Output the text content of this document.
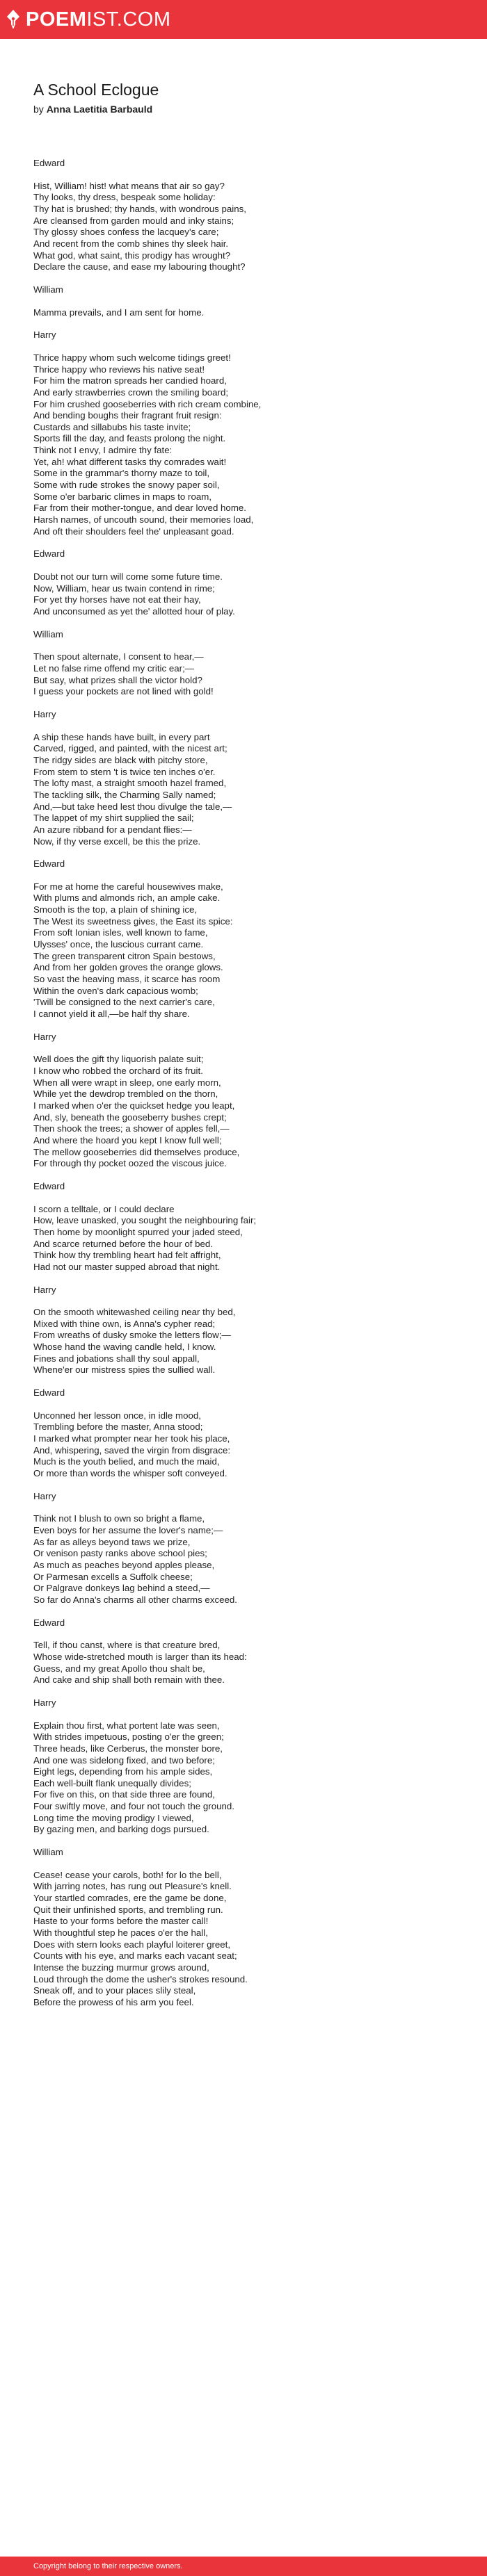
POEM IST.COM
A School Eclogue
by Anna Laetitia Barbauld

Edward

Hist, William! hist! what means that air so gay?
Thy looks, thy dress, bespeak some holiday:
Thy hat is brushed; thy hands, with wondrous pains,
Are cleansed from garden mould and inky stains;
Thy glossy shoes confess the lacquey's care;
And recent from the comb shines thy sleek hair.
What god, what saint, this prodigy has wrought?
Declare the cause, and ease my labouring thought?

William

Mamma prevails, and I am sent for home.

Harry

Thrice happy whom such welcome tidings greet!
Thrice happy who reviews his native seat!
For him the matron spreads her candied hoard,
And early strawberries crown the smiling board;
For him crushed gooseberries with rich cream combine,
And bending boughs their fragrant fruit resign:
Custards and sillabubs his taste invite;
Sports fill the day, and feasts prolong the night.
Think not I envy, I admire thy fate:
Yet, ah! what different tasks thy comrades wait!
Some in the grammar's thorny maze to toil,
Some with rude strokes the snowy paper soil,
Some o'er barbaric climes in maps to roam,
Far from their mother-tongue, and dear loved home.
Harsh names, of uncouth sound, their memories load,
And oft their shoulders feel the' unpleasant goad.

Edward

Doubt not our turn will come some future time.
Now, William, hear us twain contend in rime;
For yet thy horses have not eat their hay,
And unconsumed as yet the' allotted hour of play.

William

Then spout alternate, I consent to hear,—
Let no false rime offend my critic ear;—
But say, what prizes shall the victor hold?
I guess your pockets are not lined with gold!

Harry

A ship these hands have built, in every part
Carved, rigged, and painted, with the nicest art;
The ridgy sides are black with pitchy store,
From stem to stern 't is twice ten inches o'er.
The lofty mast, a straight smooth hazel framed,
The tackling silk, the Charming Sally named;
And,—but take heed lest thou divulge the tale,—
The lappet of my shirt supplied the sail;
An azure ribband for a pendant flies:—
Now, if thy verse excell, be this the prize.

Edward

For me at home the careful housewives make,
With plums and almonds rich, an ample cake.
Smooth is the top, a plain of shining ice,
The West its sweetness gives, the East its spice:
From soft Ionian isles, well known to fame,
Ulysses' once, the luscious currant came.
The green transparent citron Spain bestows,
And from her golden groves the orange glows.
So vast the heaving mass, it scarce has room
Within the oven's dark capacious womb;
'Twill be consigned to the next carrier's care,
I cannot yield it all,—be half thy share.

Harry

Well does the gift thy liquorish palate suit;
I know who robbed the orchard of its fruit.
When all were wrapt in sleep, one early morn,
While yet the dewdrop trembled on the thorn,
I marked when o'er the quickset hedge you leapt,
And, sly, beneath the gooseberry bushes crept;
Then shook the trees; a shower of apples fell,—
And where the hoard you kept I know full well;
The mellow gooseberries did themselves produce,
For through thy pocket oozed the viscous juice.

Edward

I scorn a telltale, or I could declare
How, leave unasked, you sought the neighbouring fair;
Then home by moonlight spurred your jaded steed,
And scarce returned before the hour of bed.
Think how thy trembling heart had felt affright,
Had not our master supped abroad that night.

Harry

On the smooth whitewashed ceiling near thy bed,
Mixed with thine own, is Anna's cypher read;
From wreaths of dusky smoke the letters flow;—
Whose hand the waving candle held, I know.
Fines and jobations shall thy soul appall,
Whene'er our mistress spies the sullied wall.

Edward

Unconned her lesson once, in idle mood,
Trembling before the master, Anna stood;
I marked what prompter near her took his place,
And, whispering, saved the virgin from disgrace:
Much is the youth belied, and much the maid,
Or more than words the whisper soft conveyed.

Harry

Think not I blush to own so bright a flame,
Even boys for her assume the lover's name;—
As far as alleys beyond taws we prize,
Or venison pasty ranks above school pies;
As much as peaches beyond apples please,
Or Parmesan excells a Suffolk cheese;
Or Palgrave donkeys lag behind a steed,—
So far do Anna's charms all other charms exceed.

Edward

Tell, if thou canst, where is that creature bred,
Whose wide-stretched mouth is larger than its head:
Guess, and my great Apollo thou shalt be,
And cake and ship shall both remain with thee.

Harry

Explain thou first, what portent late was seen,
With strides impetuous, posting o'er the green;
Three heads, like Cerberus, the monster bore,
And one was sidelong fixed, and two before;
Eight legs, depending from his ample sides,
Each well-built flank unequally divides;
For five on this, on that side three are found,
Four swiftly move, and four not touch the ground.
Long time the moving prodigy I viewed,
By gazing men, and barking dogs pursued.

William

Cease! cease your carols, both! for lo the bell,
With jarring notes, has rung out Pleasure's knell.
Your startled comrades, ere the game be done,
Quit their unfinished sports, and trembling run.
Haste to your forms before the master call!
With thoughtful step he paces o'er the hall,
Does with stern looks each playful loiterer greet,
Counts with his eye, and marks each vacant seat;
Intense the buzzing murmur grows around,
Loud through the dome the usher's strokes resound.
Sneak off, and to your places slily steal,
Before the prowess of his arm you feel.

Copyright belong to their respective owners.
